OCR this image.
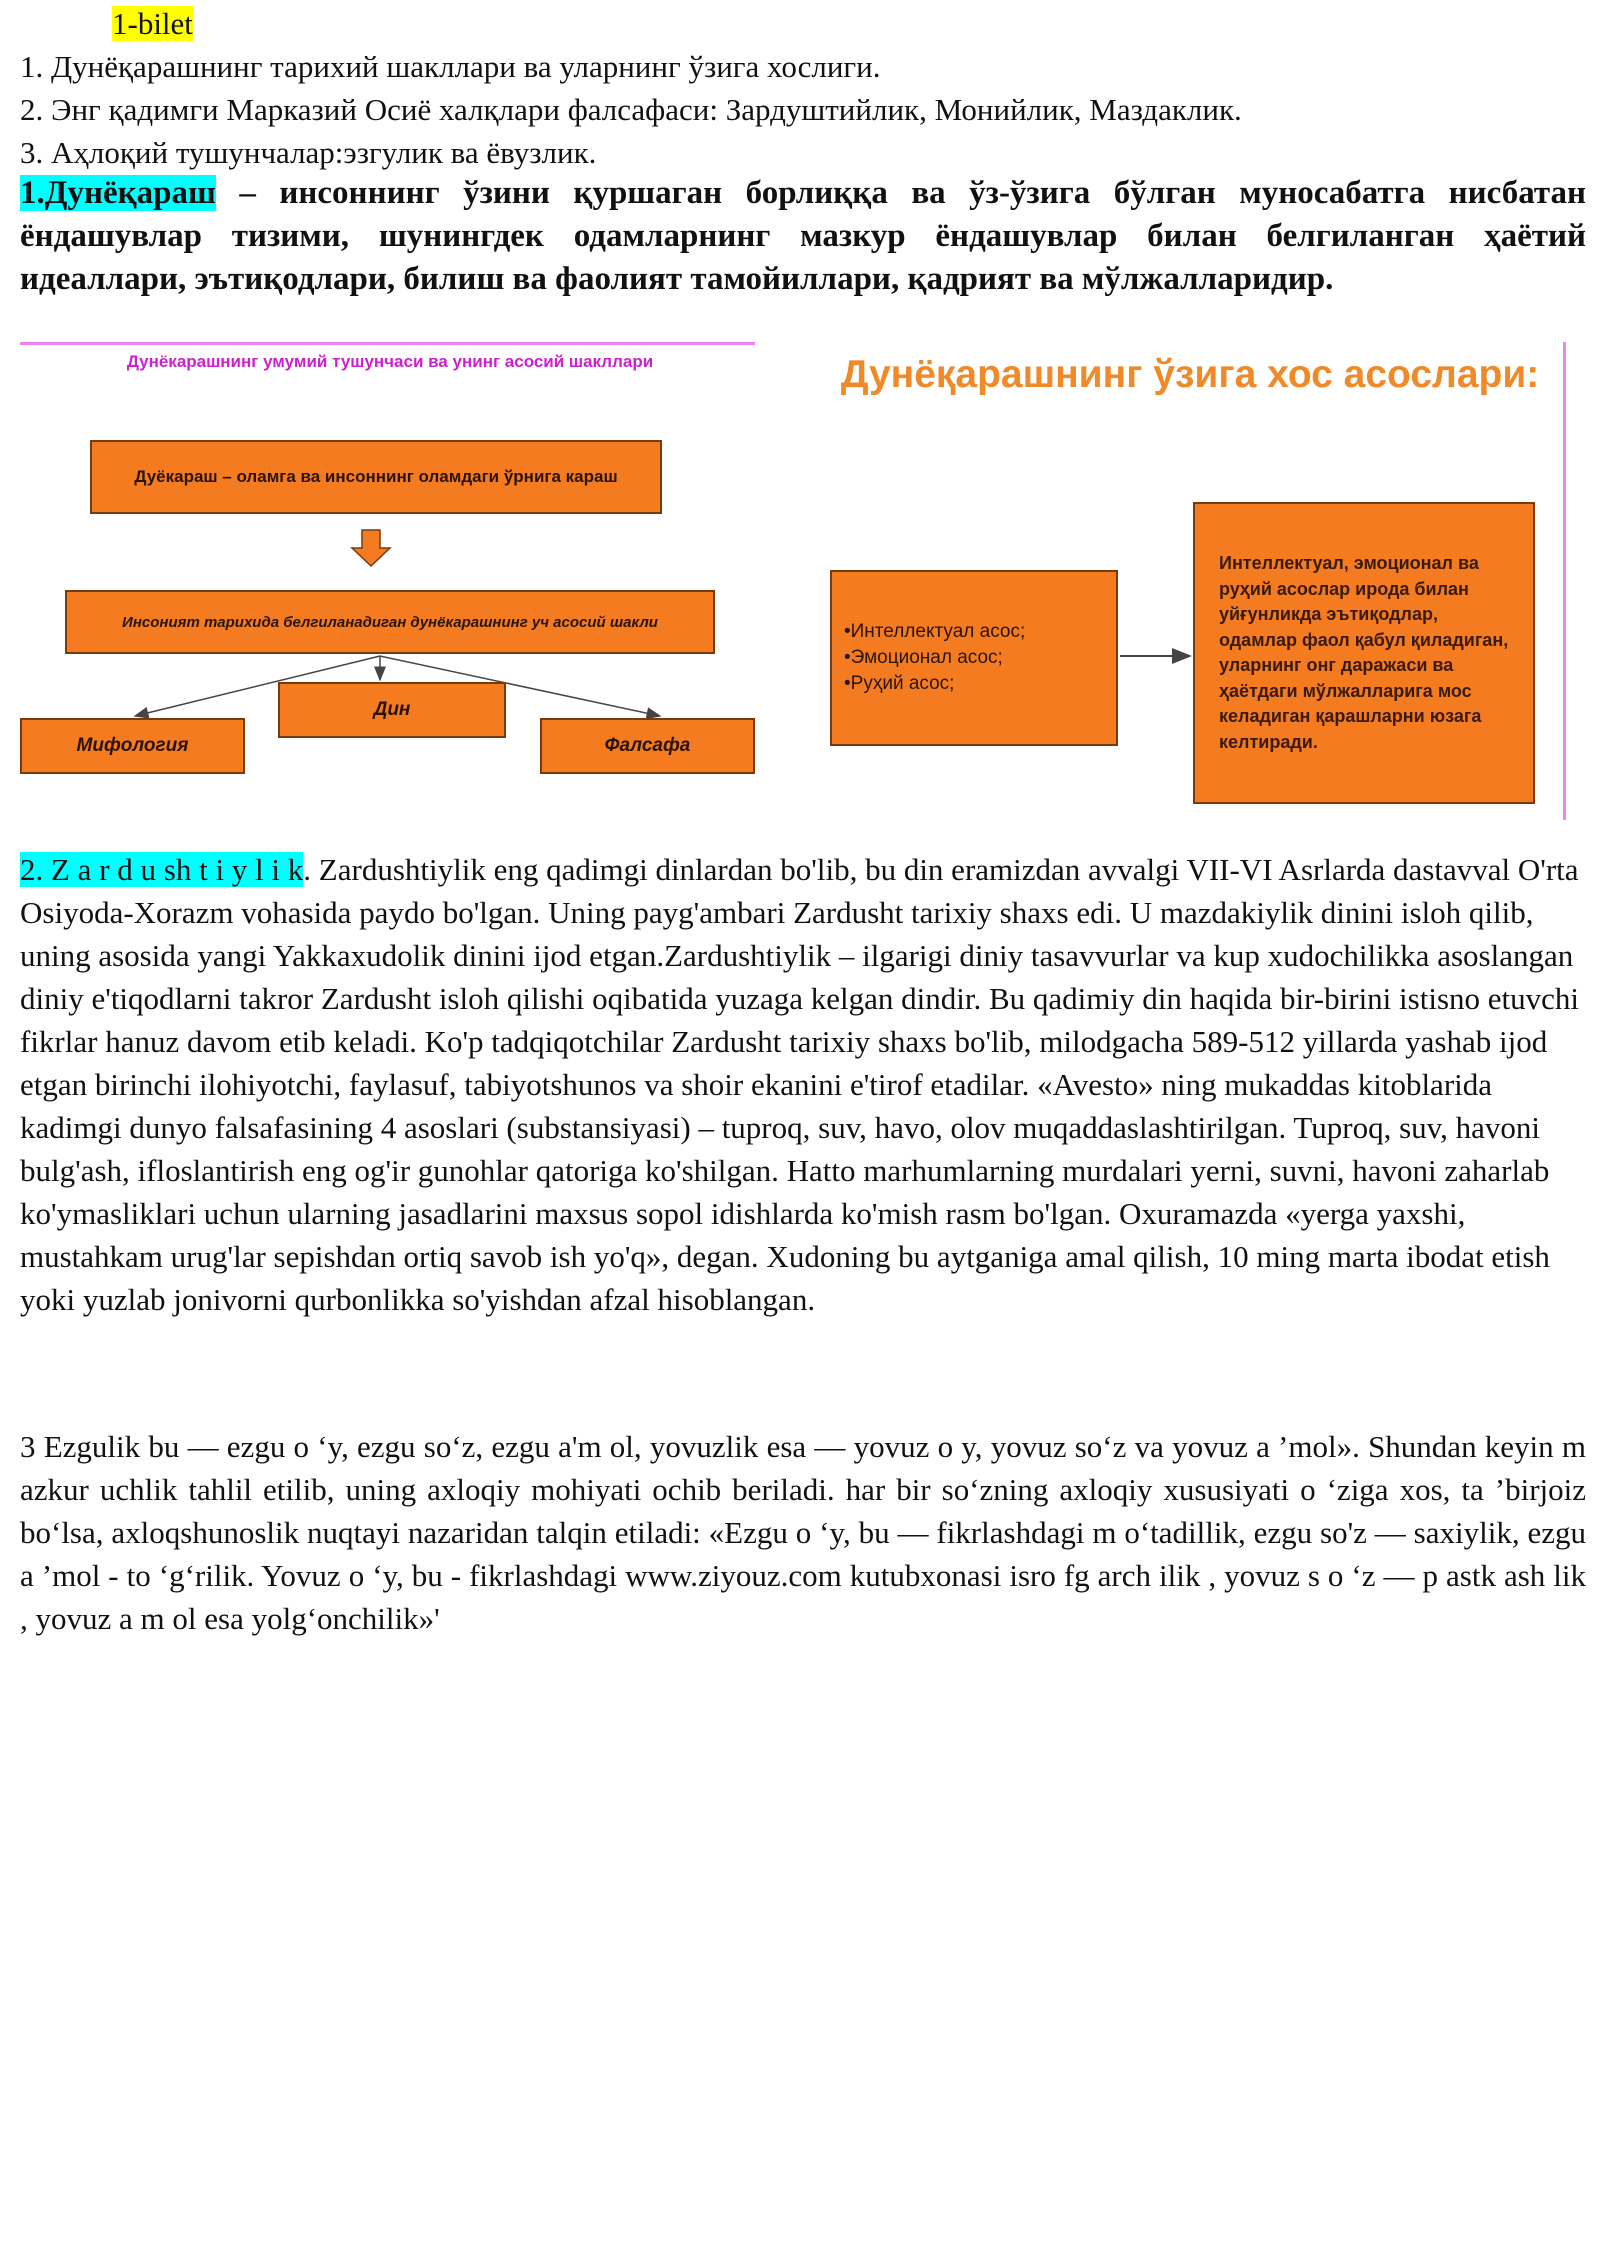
1-bilet
1. Дунёқарашнинг тарихий шакллари ва уларнинг ўзига хослиги.
2. Энг қадимги Марказий Осиё халқлари фалсафаси: Зардуштийлик, Монийлик, Маздаклик.
3. Аҳлоқий тушунчалар:эзгулик ва ёвузлик.
1.Дунёқараш – инсоннинг ўзини қуршаган борлиққа ва ўз-ўзига бўлган муносабатга нисбатан ёндашувлар тизими, шунингдек одамларнинг мазкур ёндашувлар билан белгиланган ҳаётий идеаллари, эътиқодлари, билиш ва фаолият тамойиллари, қадрият ва мўлжалларидир.
Дунёкарашнинг умумий тушунчаси ва унинг асосий шакллари
Дуёкараш – оламга ва инсоннинг оламдаги ўрнига караш
Инсоният тарихида белгиланадиган дунёкарашнинг уч асосий шакли
Мифология
Дин
Фалсафа
Дунёқарашнинг ўзига хос асослари:
•Интеллектуал асос;
•Эмоционал асос;
•Руҳий асос;
Интеллектуал, эмоционал ва руҳий асослар ирода билан уйғунликда эътиқодлар, одамлар фаол қабул қиладиган, уларнинг онг даражаси ва ҳаётдаги мўлжалларига мос келадиган қарашларни юзага келтиради.
2. Z a r d u sh t i y l i k. Zardushtiylik eng qadimgi dinlardan bo'lib, bu din eramizdan avvalgi VII-VI Asrlarda dastavval O'rta Osiyoda-Xorazm vohasida paydo bo'lgan. Uning payg'ambari Zardusht tarixiy shaxs edi. U mazdakiylik dinini isloh qilib, uning asosida yangi Yakkaxudolik dinini ijod etgan.Zardushtiylik – ilgarigi diniy tasavvurlar va kup xudochilikka asoslangan diniy e'tiqodlarni takror Zardusht isloh qilishi oqibatida yuzaga kelgan dindir. Bu qadimiy din haqida bir-birini istisno etuvchi fikrlar hanuz davom etib keladi. Ko'p tadqiqotchilar Zardusht tarixiy shaxs bo'lib, milodgacha 589-512 yillarda yashab ijod etgan birinchi ilohiyotchi, faylasuf, tabiyotshunos va shoir ekanini e'tirof etadilar. «Avesto» ning mukaddas kitoblarida kadimgi dunyo falsafasining 4 asoslari (substansiyasi) – tuproq, suv, havo, olov muqaddaslashtirilgan. Tuproq, suv, havoni bulg'ash, ifloslantirish eng og'ir gunohlar qatoriga ko'shilgan. Hatto marhumlarning murdalari yerni, suvni, havoni zaharlab ko'ymasliklari uchun ularning jasadlarini maxsus sopol idishlarda ko'mish rasm bo'lgan. Oxuramazda «yerga yaxshi, mustahkam urug'lar sepishdan ortiq savob ish yo'q», degan. Xudoning bu aytganiga amal qilish, 10 ming marta ibodat etish yoki yuzlab jonivorni qurbonlikka so'yishdan afzal hisoblangan.
3 Ezgulik bu — ezgu o ‘y, ezgu so‘z, ezgu a'm ol, yovuzlik esa — yovuz o y, yovuz so‘z va yovuz a ’mol». Shundan keyin m azkur uchlik tahlil etilib, uning axloqiy mohiyati ochib beriladi. har bir so‘zning axloqiy xususiyati o ‘ziga xos, ta ’birjoiz bo‘lsa, axloqshunoslik nuqtayi nazaridan talqin etiladi: «Ezgu o ‘y, bu — fikrlashdagi m o‘tadillik, ezgu so'z — saxiylik, ezgu a ’mol - to ‘g‘rilik. Yovuz o ‘y, bu - fikrlashdagi www.ziyouz.com kutubxonasi isro fg arch ilik , yovuz s o ‘z — p astk ash lik , yovuz a m ol esa yolg‘onchilik»'
